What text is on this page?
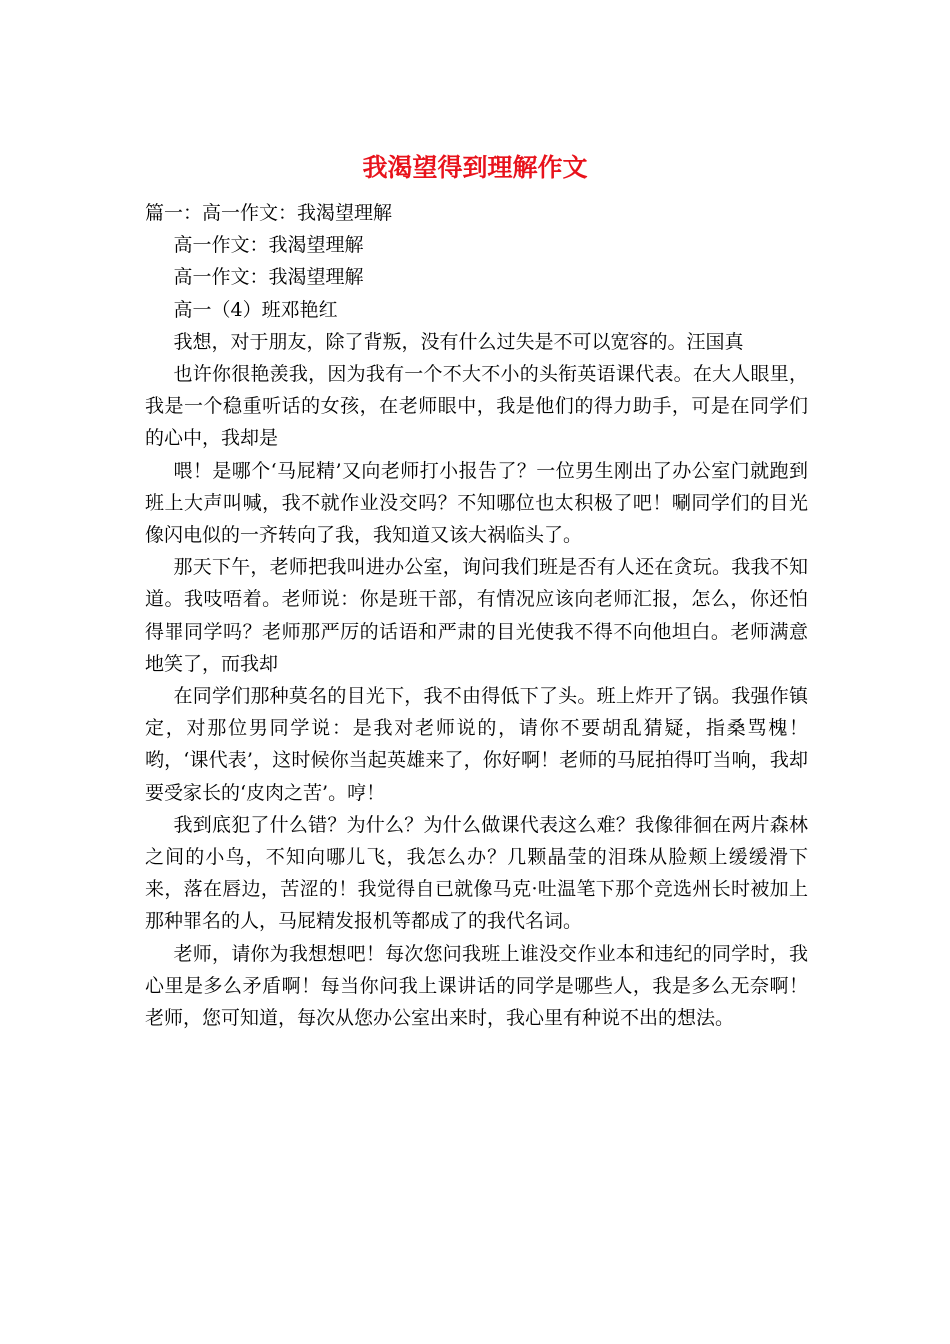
我渴望得到理解作文

篇一：高一作文：我渴望理解

高一作文：我渴望理解

高一作文：我渴望理解

高一（4）班邓艳红

我想，对于朋友，除了背叛，没有什么过失是不可以宽容的。汪国真

也许你很艳羡我，因为我有一个不大不小的头衔英语课代表。在大人眼里，我是一个稳重听话的女孩，在老师眼中，我是他们的得力助手，可是在同学们的心中，我却是

喂！是哪个‘马屁精’又向老师打小报告了？一位男生刚出了办公室门就跑到班上大声叫喊，我不就作业没交吗？不知哪位也太积极了吧！唰同学们的目光像闪电似的一齐转向了我，我知道又该大祸临头了。

那天下午，老师把我叫进办公室，询问我们班是否有人还在贪玩。我我不知道。我吱唔着。老师说：你是班干部，有情况应该向老师汇报，怎么，你还怕得罪同学吗？老师那严厉的话语和严肃的目光使我不得不向他坦白。老师满意地笑了，而我却

在同学们那种莫名的目光下，我不由得低下了头。班上炸开了锅。我强作镇定，对那位男同学说：是我对老师说的，请你不要胡乱猜疑，指桑骂槐！哟，‘课代表’，这时候你当起英雄来了，你好啊！老师的马屁拍得叮当响，我却要受家长的‘皮肉之苦’。哼！

我到底犯了什么错？为什么？为什么做课代表这么难？我像徘徊在两片森林之间的小鸟，不知向哪儿飞，我怎么办？几颗晶莹的泪珠从脸颊上缓缓滑下来，落在唇边，苦涩的！我觉得自已就像马克·吐温笔下那个竞选州长时被加上那种罪名的人，马屁精发报机等都成了的我代名词。

老师，请你为我想想吧！每次您问我班上谁没交作业本和违纪的同学时，我心里是多么矛盾啊！每当你问我上课讲话的同学是哪些人，我是多么无奈啊！老师，您可知道，每次从您办公室出来时，我心里有种说不出的想法。
